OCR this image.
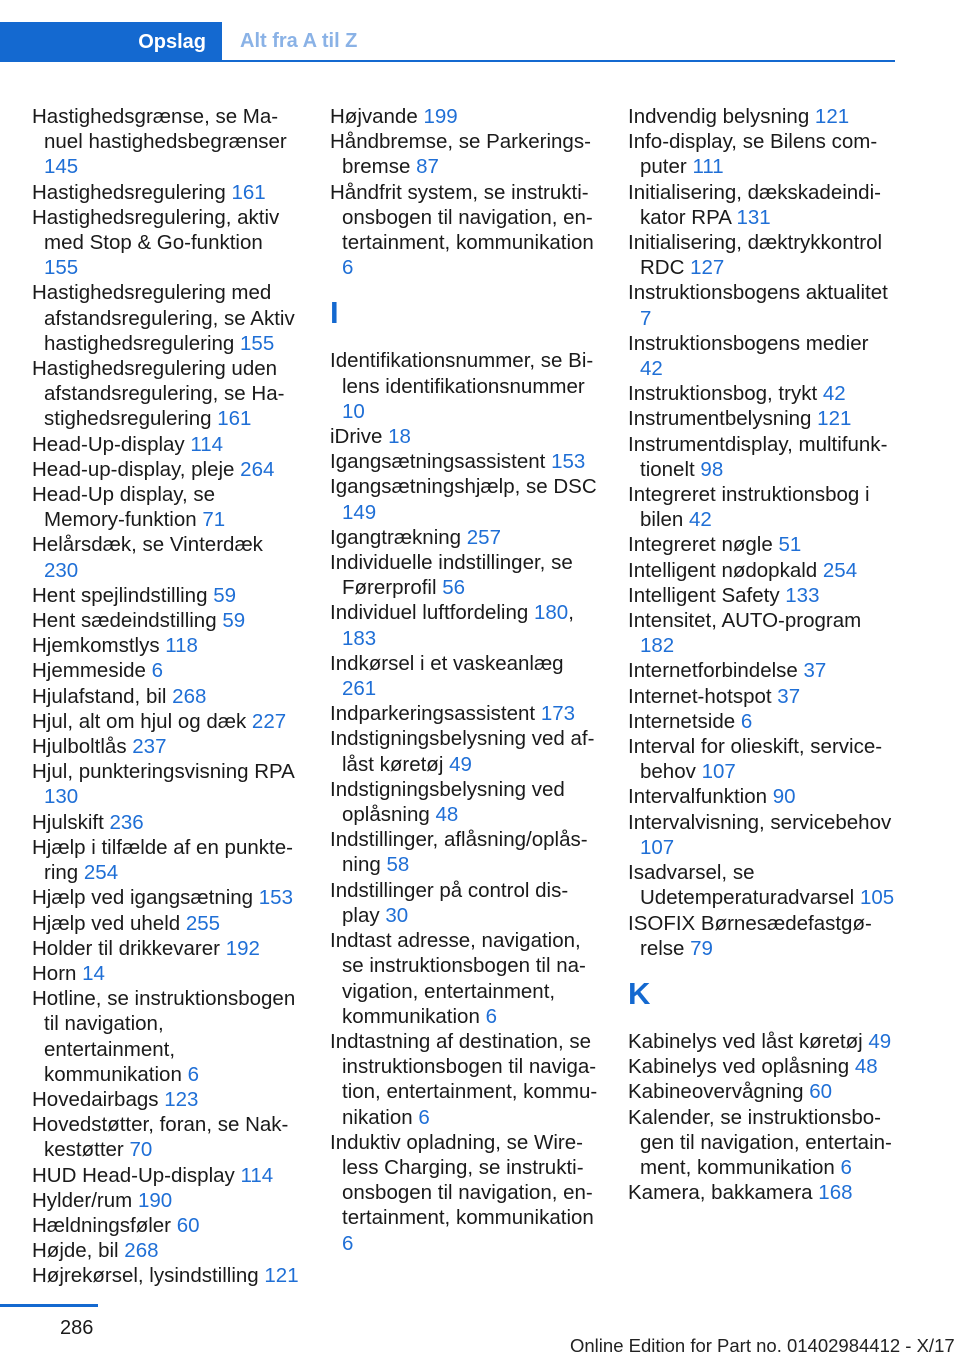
Opslag	Alt fra A til Z
Hastighedsgrænse, se Manuel hastighedsbegrænser 145
Hastighedsregulering 161
Hastighedsregulering, aktiv med Stop & Go-funktion 155
Hastighedsregulering med afstandsregulering, se Aktiv hastighedsregulering 155
Hastighedsregulering uden afstandsregulering, se Hastighedsregulering 161
Head-Up-display 114
Head-up-display, pleje 264
Head-Up display, se Memory-funktion 71
Helårsdæk, se Vinterdæk 230
Hent spejlindstilling 59
Hent sædeindstilling 59
Hjemkomstlys 118
Hjemmeside 6
Hjulafstand, bil 268
Hjul, alt om hjul og dæk 227
Hjulboltlås 237
Hjul, punkteringsvisning RPA 130
Hjulskift 236
Hjælp i tilfælde af en punktering 254
Hjælp ved igangsætning 153
Hjælp ved uheld 255
Holder til drikkevarer 192
Horn 14
Hotline, se instruktionsbogen til navigation, entertainment, kommunikation 6
Hovedairbags 123
Hovedstøtter, foran, se Nakkestøtter 70
HUD Head-Up-display 114
Hylder/rum 190
Hældningsføler 60
Højde, bil 268
Højrekørsel, lysindstilling 121
Højvande 199
Håndbremse, se Parkeringsbremse 87
Håndfrit system, se instruktionsbogen til navigation, entertainment, kommunikation 6
I
Identifikationsnummer, se Bilens identifikationsnummer 10
iDrive 18
Igangsætningsassistent 153
Igangsætningshjælp, se DSC 149
Igangtrækning 257
Individuelle indstillinger, se Førerprofil 56
Individuel luftfordeling 180, 183
Indkørsel i et vaskeanlæg 261
Indparkeringsassistent 173
Indstigningsbelysning ved aflåst køretøj 49
Indstigningsbelysning ved oplåsning 48
Indstillinger, aflåsning/oplåsning 58
Indstillinger på control display 30
Indtast adresse, navigation, se instruktionsbogen til navigation, entertainment, kommunikation 6
Indtastning af destination, se instruktionsbogen til navigation, entertainment, kommunikation 6
Induktiv opladning, se Wireless Charging, se instruktionsbogen til navigation, entertainment, kommunikation 6
Indvendig belysning 121
Info-display, se Bilens computer 111
Initialisering, dækskadeindikator RPA 131
Initialisering, dæktrykkontrol RDC 127
Instruktionsbogens aktualitet 7
Instruktionsbogens medier 42
Instruktionsbog, trykt 42
Instrumentbelysning 121
Instrumentdisplay, multifunktionelt 98
Integreret instruktionsbog i bilen 42
Integreret nøgle 51
Intelligent nødopkald 254
Intelligent Safety 133
Intensitet, AUTO-program 182
Internetforbindelse 37
Internet-hotspot 37
Internetside 6
Interval for olieskift, servicebehov 107
Intervalfunktion 90
Intervalvisning, servicebehov 107
Isadvarsel, se Udetemperaturadvarsel 105
ISOFIX Børnesædefastgørelse 79
K
Kabinelys ved låst køretøj 49
Kabinelys ved oplåsning 48
Kabineovervågning 60
Kalender, se instruktionsbogen til navigation, entertainment, kommunikation 6
Kamera, bakkamera 168
286
Online Edition for Part no. 01402984412 - X/17
